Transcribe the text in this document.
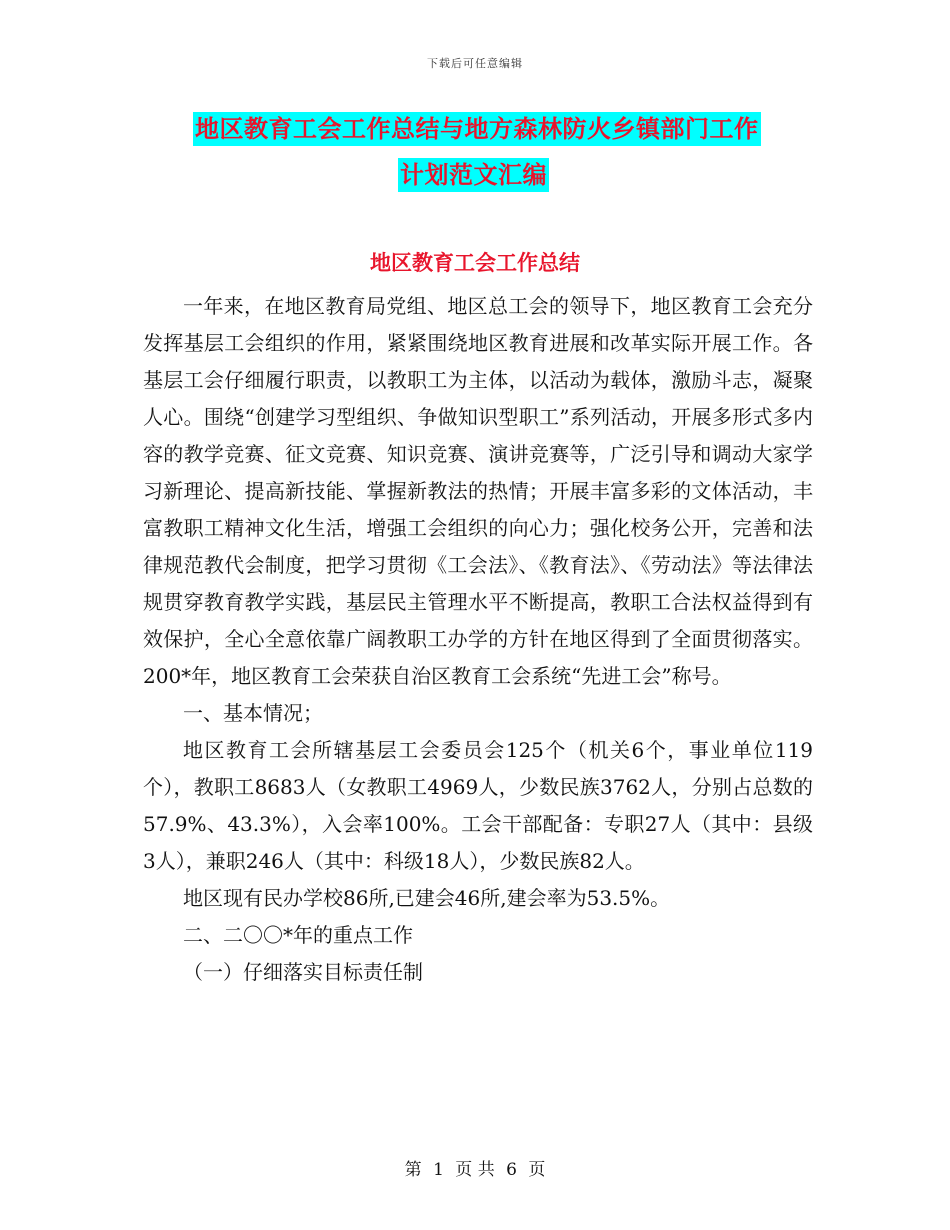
下载后可任意编辑
地区教育工会工作总结与地方森林防火乡镇部门工作
计划范文汇编
地区教育工会工作总结

一年来，在地区教育局党组、地区总工会的领导下，地区教育工会充分发挥基层工会组织的作用，紧紧围绕地区教育进展和改革实际开展工作。各基层工会仔细履行职责，以教职工为主体，以活动为载体，激励斗志，凝聚人心。围绕“创建学习型组织、争做知识型职工”系列活动，开展多形式多内容的教学竞赛、征文竞赛、知识竞赛、演讲竞赛等，广泛引导和调动大家学习新理论、提高新技能、掌握新教法的热情；开展丰富多彩的文体活动，丰富教职工精神文化生活，增强工会组织的向心力；强化校务公开，完善和法律规范教代会制度，把学习贯彻《工会法》、《教育法》、《劳动法》等法律法规贯穿教育教学实践，基层民主管理水平不断提高，教职工合法权益得到有效保护，全心全意依靠广阔教职工办学的方针在地区得到了全面贯彻落实。200*年，地区教育工会荣获自治区教育工会系统“先进工会”称号。

一、基本情况；

地区教育工会所辖基层工会委员会125个（机关6个，事业单位119个），教职工8683人（女教职工4969人，少数民族3762人，分别占总数的57.9%、43.3%），入会率100%。工会干部配备：专职27人（其中：县级3人），兼职246人（其中：科级18人），少数民族82人。

地区现有民办学校86所,已建会46所,建会率为53.5%。

二、二〇〇*年的重点工作

（一）仔细落实目标责任制

第 1 页 共 6 页
